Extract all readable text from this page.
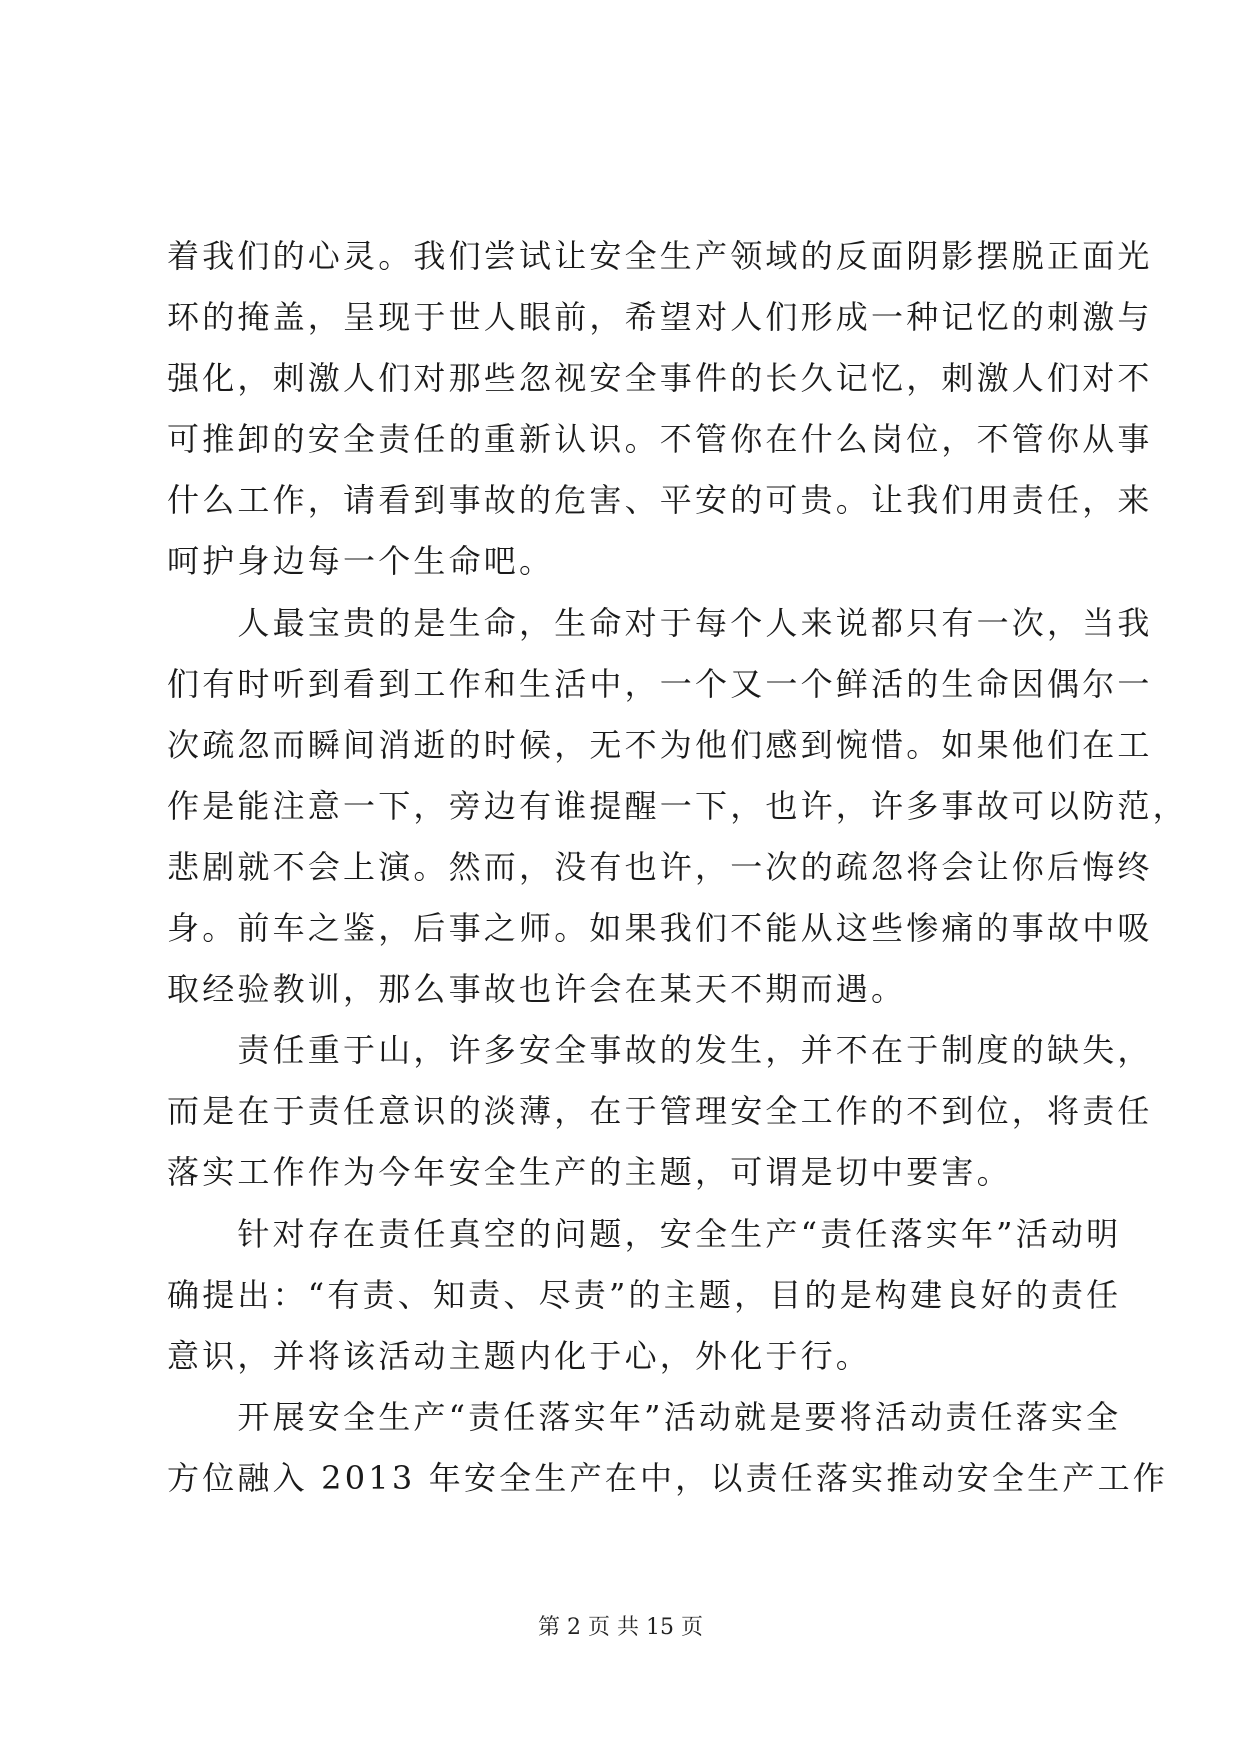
着我们的心灵。我们尝试让安全生产领域的反面阴影摆脱正面光
环的掩盖，呈现于世人眼前，希望对人们形成一种记忆的刺激与
强化，刺激人们对那些忽视安全事件的长久记忆，刺激人们对不
可推卸的安全责任的重新认识。不管你在什么岗位，不管你从事
什么工作，请看到事故的危害、平安的可贵。让我们用责任，来
呵护身边每一个生命吧。
　　人最宝贵的是生命，生命对于每个人来说都只有一次，当我
们有时听到看到工作和生活中，一个又一个鲜活的生命因偶尔一
次疏忽而瞬间消逝的时候，无不为他们感到惋惜。如果他们在工
作是能注意一下，旁边有谁提醒一下，也许，许多事故可以防范，
悲剧就不会上演。然而，没有也许，一次的疏忽将会让你后悔终
身。前车之鉴，后事之师。如果我们不能从这些惨痛的事故中吸
取经验教训，那么事故也许会在某天不期而遇。
　　责任重于山，许多安全事故的发生，并不在于制度的缺失，
而是在于责任意识的淡薄，在于管理安全工作的不到位，将责任
落实工作作为今年安全生产的主题，可谓是切中要害。
　　针对存在责任真空的问题，安全生产“责任落实年”活动明
确提出：“有责、知责、尽责”的主题，目的是构建良好的责任
意识，并将该活动主题内化于心，外化于行。
　　开展安全生产“责任落实年”活动就是要将活动责任落实全
方位融入 2013 年安全生产在中，以责任落实推动安全生产工作
第 2 页 共 15 页
